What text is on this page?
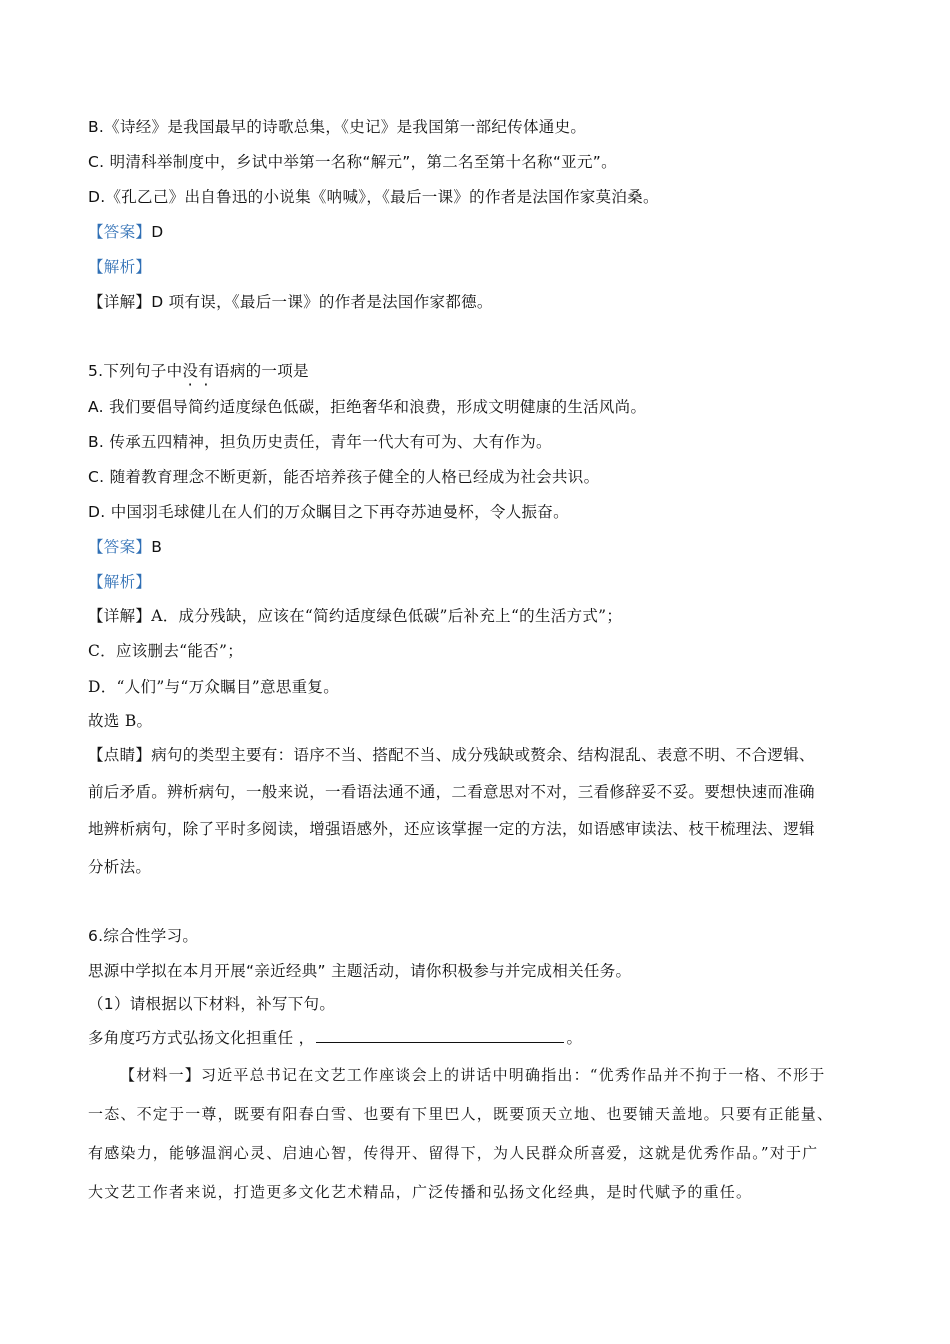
B.《诗经》是我国最早的诗歌总集，《史记》是我国第一部纪传体通史。
C. 明清科举制度中，乡试中举第一名称“解元”，第二名至第十名称“亚元”。
D.《孔乙己》出自鲁迅的小说集《呐喊》，《最后一课》的作者是法国作家莫泊桑。
【答案】D
【解析】
【详解】D 项有误，《最后一课》的作者是法国作家都德。
5.下列句子中没有语病的一项是
A. 我们要倡导简约适度绿色低碳，拒绝奢华和浪费，形成文明健康的生活风尚。
B. 传承五四精神，担负历史责任，青年一代大有可为、大有作为。
C. 随着教育理念不断更新，能否培养孩子健全的人格已经成为社会共识。
D. 中国羽毛球健儿在人们的万众瞩目之下再夺苏迪曼杯，令人振奋。
【答案】B
【解析】
【详解】A．成分残缺，应该在“简约适度绿色低碳”后补充上“的生活方式”；
C．应该删去“能否”；
D．“人们”与“万众瞩目”意思重复。
故选 B。
【点睛】病句的类型主要有：语序不当、搭配不当、成分残缺或赘余、结构混乱、表意不明、不合逻辑、
前后矛盾。辨析病句，一般来说，一看语法通不通，二看意思对不对，三看修辞妥不妥。要想快速而准确
地辨析病句，除了平时多阅读，增强语感外，还应该掌握一定的方法，如语感审读法、枝干梳理法、逻辑
分析法。
6.综合性学习。
思源中学拟在本月开展“亲近经典” 主题活动，请你积极参与并完成相关任务。
（1）请根据以下材料，补写下句。
多角度巧方式弘扬文化担重任 ，	。
【材料一】习近平总书记在文艺工作座谈会上的讲话中明确指出：“优秀作品并不拘于一格、不形于
一态、不定于一尊，既要有阳春白雪、也要有下里巴人，既要顶天立地、也要铺天盖地。只要有正能量、
有感染力，能够温润心灵、启迪心智，传得开、留得下，为人民群众所喜爱，这就是优秀作品。”对于广
大文艺工作者来说，打造更多文化艺术精品，广泛传播和弘扬文化经典，是时代赋予的重任。
